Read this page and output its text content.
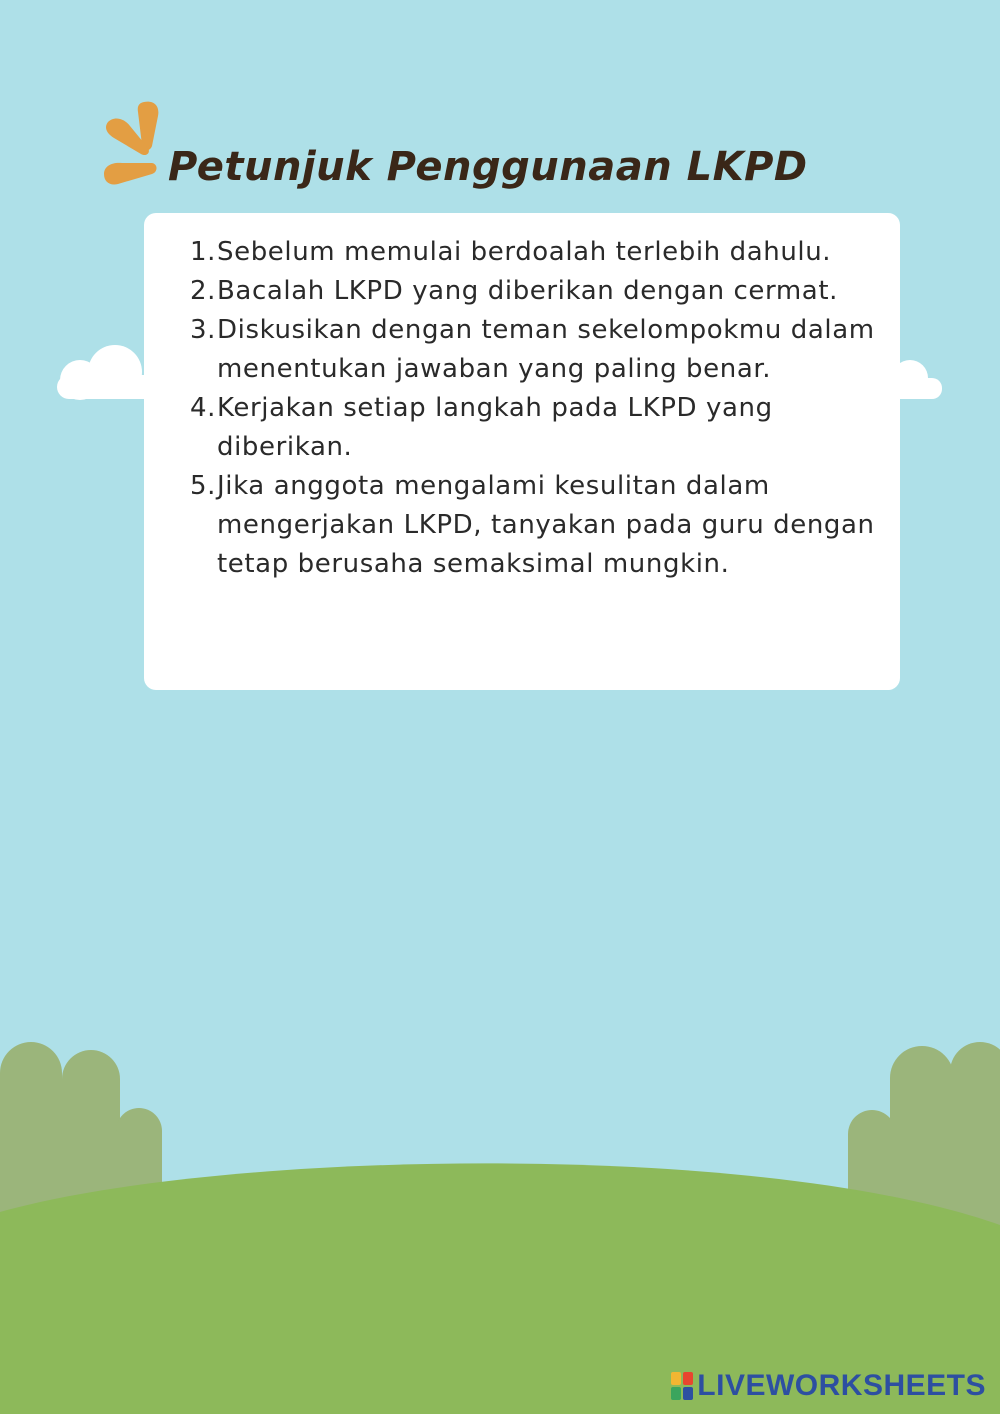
Petunjuk Penggunaan LKPD
1. Sebelum memulai berdoalah terlebih dahulu.
2. Bacalah LKPD yang diberikan dengan cermat.
3. Diskusikan dengan teman sekelompokmu dalam menentukan jawaban yang paling benar.
4. Kerjakan setiap langkah pada LKPD yang diberikan.
5. Jika anggota mengalami kesulitan dalam mengerjakan LKPD, tanyakan pada guru dengan tetap berusaha semaksimal mungkin.
LIVEWORKSHEETS
